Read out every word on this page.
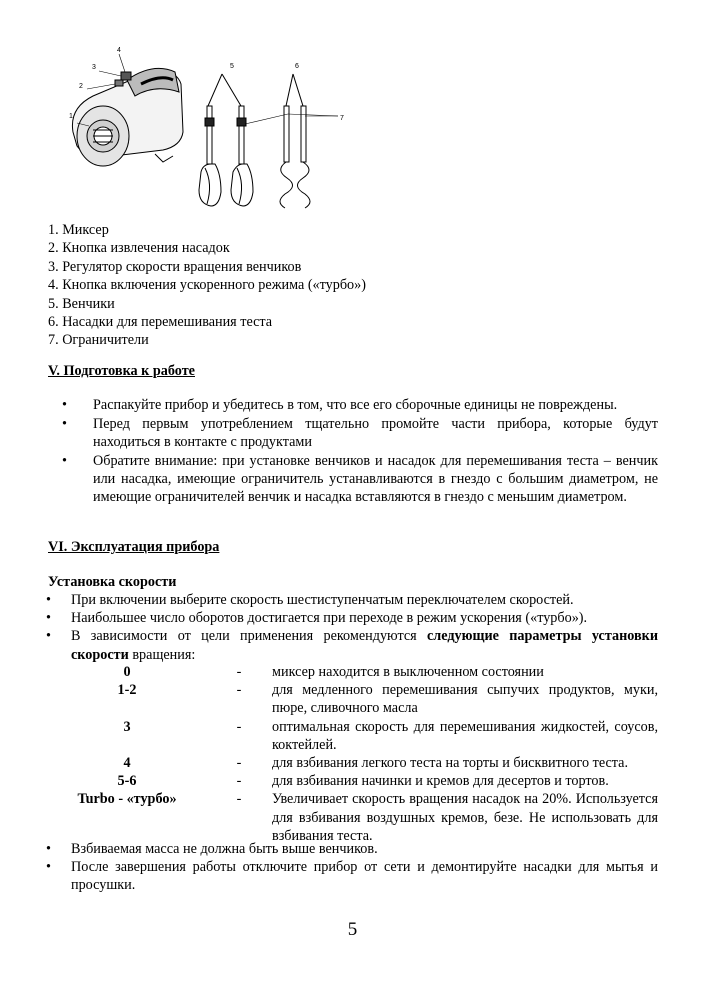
1
2
3
4
5	6
7
1. Миксер
2. Кнопка извлечения насадок
3. Регулятор скорости вращения венчиков
4. Кнопка включения ускоренного режима («турбо»)
5. Венчики
6. Насадки для перемешивания теста
7. Ограничители
V. Подготовка к работе
• Распакуйте прибор и убедитесь в том, что все его сборочные единицы не повреждены.
• Перед первым употреблением тщательно промойте части прибора, которые будут находиться в контакте с продуктами
• Обратите внимание: при установке венчиков и насадок для перемешивания теста – венчик или насадка, имеющие ограничитель устанавливаются в гнездо с большим диаметром, не имеющие ограничителей венчик и насадка вставляются в гнездо с меньшим диаметром.
VI. Эксплуатация прибора
Установка скорости
•	При включении выберите скорость шестиступенчатым переключателем скоростей.
•	Наибольшее число оборотов достигается при переходе в режим ускорения («турбо»).
•	В зависимости от цели применения рекомендуются следующие параметры установки скорости вращения:
0	-	миксер находится в выключенном состоянии
1-2	-	для медленного перемешивания сыпучих продуктов, муки, пюре, сливочного масла
3	-	оптимальная скорость для перемешивания жидкостей, соусов, коктейлей.
4	-	для взбивания легкого теста на торты и бисквитного теста.
5-6	-	для взбивания начинки и кремов для десертов и тортов.
Turbo - «турбо»	-	Увеличивает скорость вращения насадок на 20%. Используется для взбивания воздушных кремов, безе. Не использовать для взбивания теста.
•	Взбиваемая масса не должна быть выше венчиков.
•	После завершения работы отключите прибор от сети и демонтируйте насадки для мытья и просушки.
5
